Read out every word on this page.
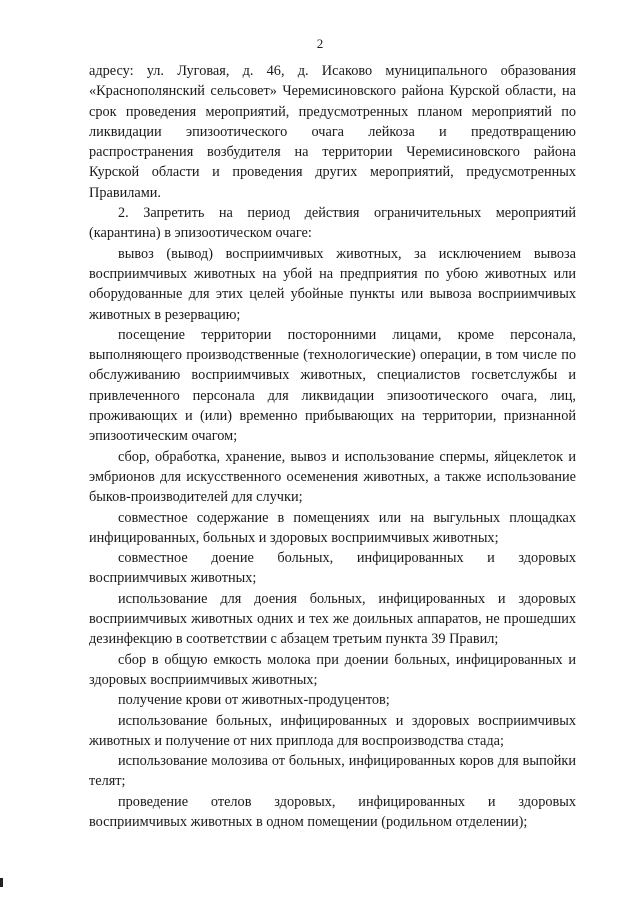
2

адресу: ул. Луговая, д. 46, д. Исаково муниципального образования «Краснополянский сельсовет» Черемисиновского района Курской области, на срок проведения мероприятий, предусмотренных планом мероприятий по ликвидации эпизоотического очага лейкоза и предотвращению распространения возбудителя на территории Черемисиновского района Курской области и проведения других мероприятий, предусмотренных Правилами.

2. Запретить на период действия ограничительных мероприятий (карантина) в эпизоотическом очаге:

вывоз (вывод) восприимчивых животных, за исключением вывоза восприимчивых животных на убой на предприятия по убою животных или оборудованные для этих целей убойные пункты или вывоза восприимчивых животных в резервацию;

посещение территории посторонними лицами, кроме персонала, выполняющего производственные (технологические) операции, в том числе по обслуживанию восприимчивых животных, специалистов госветслужбы и привлеченного персонала для ликвидации эпизоотического очага, лиц, проживающих и (или) временно прибывающих на территории, признанной эпизоотическим очагом;

сбор, обработка, хранение, вывоз и использование спермы, яйцеклеток и эмбрионов для искусственного осеменения животных, а также использование быков-производителей для случки;

совместное содержание в помещениях или на выгульных площадках инфицированных, больных и здоровых восприимчивых животных;

совместное доение больных, инфицированных и здоровых восприимчивых животных;

использование для доения больных, инфицированных и здоровых восприимчивых животных одних и тех же доильных аппаратов, не прошедших дезинфекцию в соответствии с абзацем третьим пункта 39 Правил;

сбор в общую емкость молока при доении больных, инфицированных и здоровых восприимчивых животных;

получение крови от животных-продуцентов;

использование больных, инфицированных и здоровых восприимчивых животных и получение от них приплода для воспроизводства стада;

использование молозива от больных, инфицированных коров для выпойки телят;

проведение отелов здоровых, инфицированных и здоровых восприимчивых животных в одном помещении (родильном отделении);
